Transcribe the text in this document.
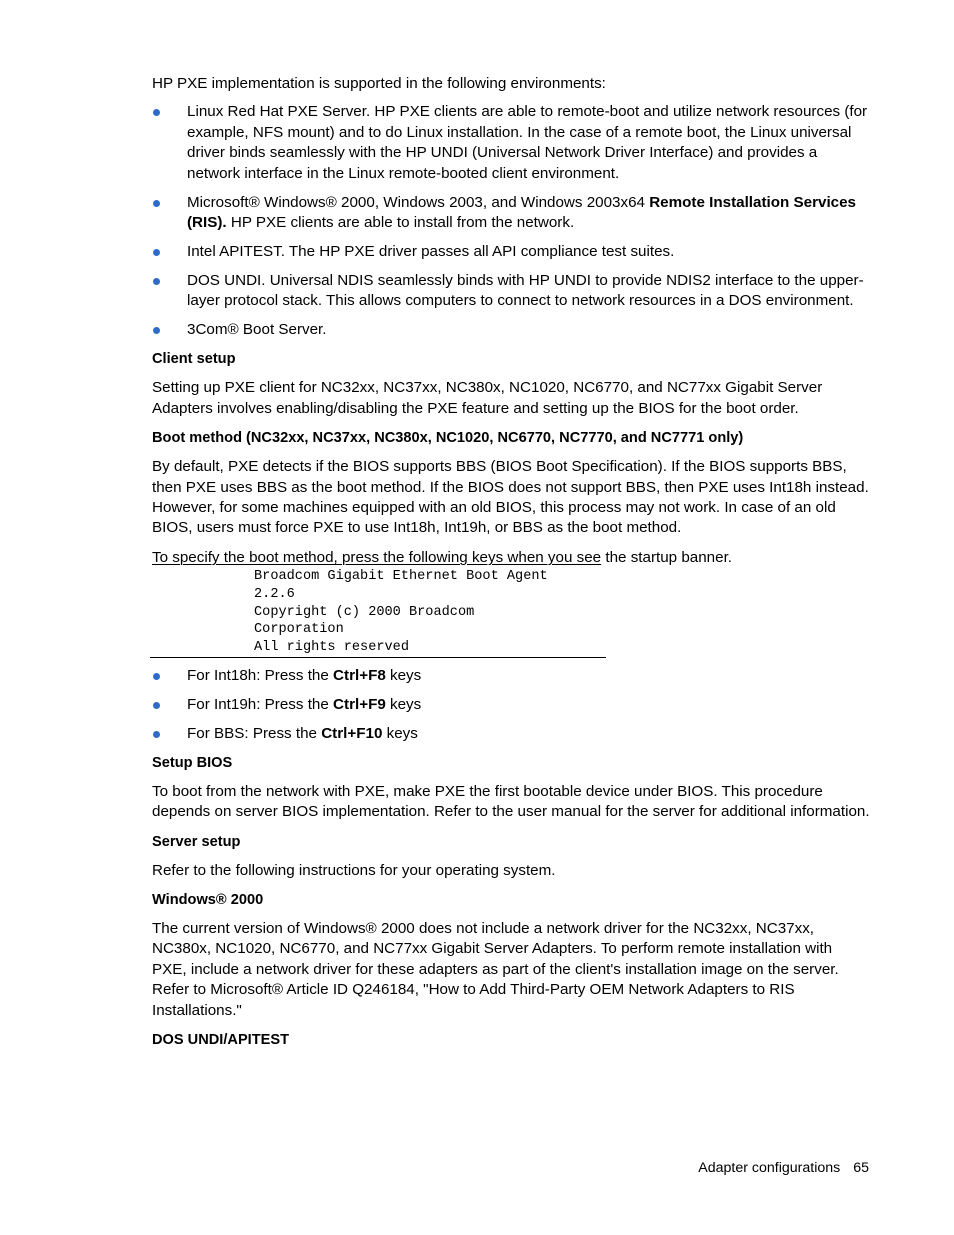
HP PXE implementation is supported in the following environments:

Linux Red Hat PXE Server. HP PXE clients are able to remote-boot and utilize network resources (for example, NFS mount) and to do Linux installation. In the case of a remote boot, the Linux universal driver binds seamlessly with the HP UNDI (Universal Network Driver Interface) and provides a network interface in the Linux remote-booted client environment.
Microsoft® Windows® 2000, Windows 2003, and Windows 2003x64 Remote Installation Services (RIS). HP PXE clients are able to install from the network.
Intel APITEST. The HP PXE driver passes all API compliance test suites.
DOS UNDI. Universal NDIS seamlessly binds with HP UNDI to provide NDIS2 interface to the upper-layer protocol stack. This allows computers to connect to network resources in a DOS environment.
3Com® Boot Server.
Client setup

Setting up PXE client for NC32xx, NC37xx, NC380x, NC1020, NC6770, and NC77xx Gigabit Server Adapters involves enabling/disabling the PXE feature and setting up the BIOS for the boot order.

Boot method (NC32xx, NC37xx, NC380x, NC1020, NC6770, NC7770, and NC7771 only)

By default, PXE detects if the BIOS supports BBS (BIOS Boot Specification). If the BIOS supports BBS, then PXE uses BBS as the boot method. If the BIOS does not support BBS, then PXE uses Int18h instead. However, for some machines equipped with an old BIOS, this process may not work. In case of an old BIOS, users must force PXE to use Int18h, Int19h, or BBS as the boot method.

To specify the boot method, press the following keys when you see the startup banner.

Broadcom Gigabit Ethernet Boot Agent
2.2.6
Copyright (c) 2000 Broadcom
Corporation
All rights reserved
For Int18h: Press the Ctrl+F8 keys
For Int19h: Press the Ctrl+F9 keys
For BBS: Press the Ctrl+F10 keys
Setup BIOS

To boot from the network with PXE, make PXE the first bootable device under BIOS. This procedure depends on server BIOS implementation. Refer to the user manual for the server for additional information.

Server setup

Refer to the following instructions for your operating system.

Windows® 2000

The current version of Windows® 2000 does not include a network driver for the NC32xx, NC37xx, NC380x, NC1020, NC6770, and NC77xx Gigabit Server Adapters. To perform remote installation with PXE, include a network driver for these adapters as part of the client's installation image on the server. Refer to Microsoft® Article ID Q246184, "How to Add Third-Party OEM Network Adapters to RIS Installations."

DOS UNDI/APITEST
Adapter configurations 65
